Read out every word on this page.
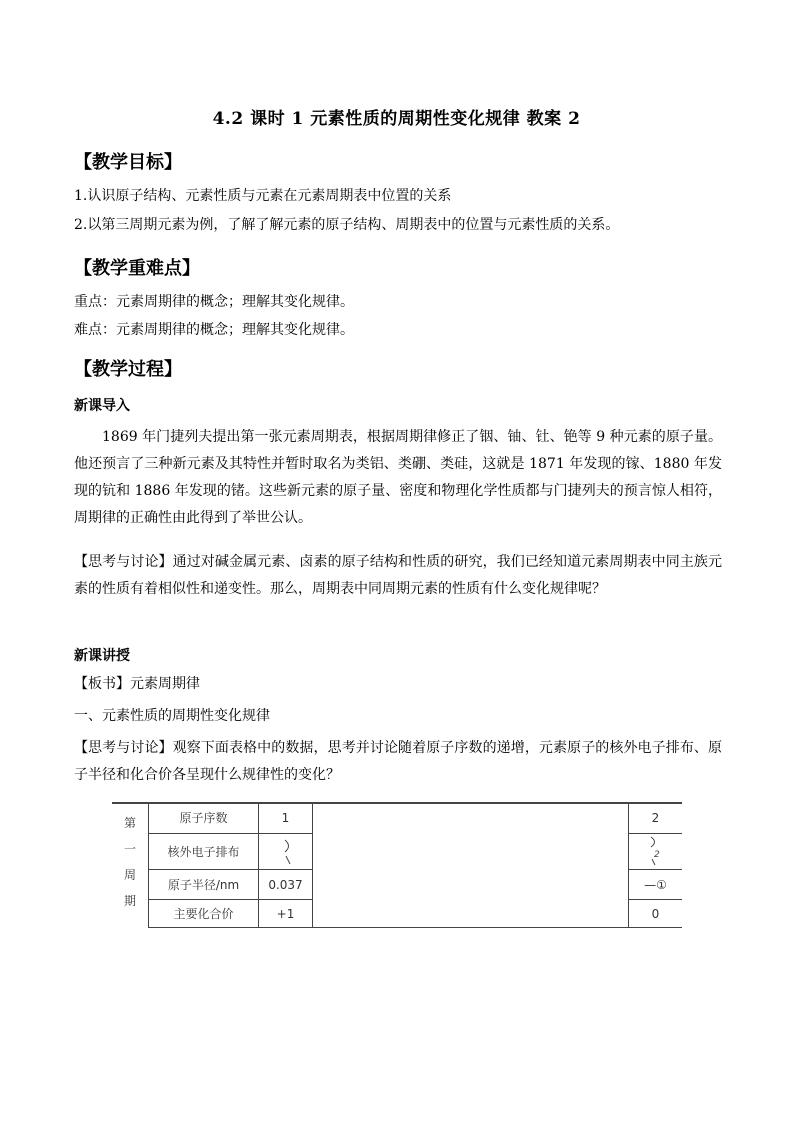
4.2 课时 1 元素性质的周期性变化规律 教案 2
【教学目标】
1.认识原子结构、元素性质与元素在元素周期表中位置的关系
2.以第三周期元素为例，了解了解元素的原子结构、周期表中的位置与元素性质的关系。
【教学重难点】
重点：元素周期律的概念；理解其变化规律。
难点：元素周期律的概念；理解其变化规律。
【教学过程】
新课导入

1869 年门捷列夫提出第一张元素周期表，根据周期律修正了铟、铀、钍、铯等 9 种元素的原子量。他还预言了三种新元素及其特性并暂时取名为类铝、类硼、类硅，这就是 1871 年发现的镓、1880 年发现的钪和 1886 年发现的锗。这些新元素的原子量、密度和物理化学性质都与门捷列夫的预言惊人相符，周期律的正确性由此得到了举世公认。

【思考与讨论】通过对碱金属元素、卤素的原子结构和性质的研究，我们已经知道元素周期表中同主族元素的性质有着相似性和递变性。那么，周期表中同周期元素的性质有什么变化规律呢？

新课讲授
【板书】元素周期律
一、元素性质的周期性变化规律

【思考与讨论】观察下面表格中的数据，思考并讨论随着原子序数的递增，元素原子的核外电子排布、原子半径和化合价各呈现什么规律性的变化？

第
一
周
期
原子序数
核外电子排布
原子半径/nm
主要化合价
1
0.037
+1
2
2
—①
0
